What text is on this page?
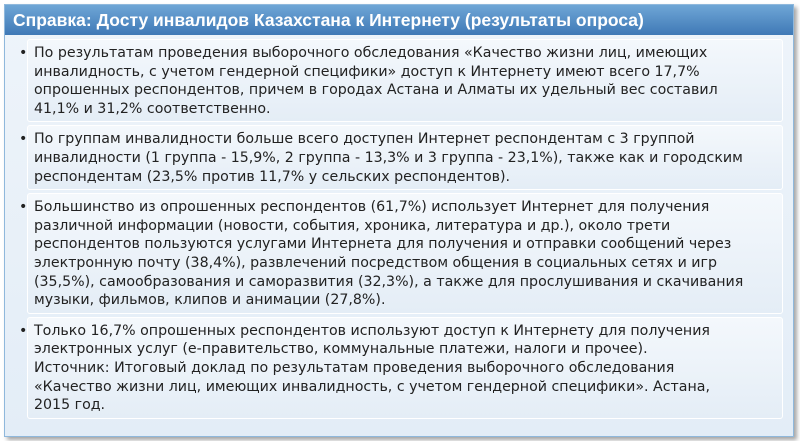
Справка: Досту инвалидов Казахстана к Интернету (результаты опроса)
• По результатам проведения выборочного обследования «Качество жизни лиц, имеющих
инвалидность, с учетом гендерной специфики» доступ к Интернету имеют всего 17,7%
опрошенных респондентов, причем в городах Астана и Алматы их удельный вес составил
41,1% и 31,2% соответственно.
• По группам инвалидности больше всего доступен Интернет респондентам с 3 группой
инвалидности (1 группа - 15,9%, 2 группа - 13,3% и 3 группа - 23,1%), также как и городским
респондентам (23,5% против 11,7% у сельских респондентов).
• Большинство из опрошенных респондентов (61,7%) использует Интернет для получения
различной информации (новости, события, хроника, литература и др.), около трети
респондентов пользуются услугами Интернета для получения и отправки сообщений через
электронную почту (38,4%), развлечений посредством общения в социальных сетях и игр
(35,5%), самообразования и саморазвития (32,3%), а также для прослушивания и скачивания
музыки, фильмов, клипов и анимации (27,8%).
• Только 16,7% опрошенных респондентов используют доступ к Интернету для получения
электронных услуг (е-правительство, коммунальные платежи, налоги и прочее).
Источник: Итоговый доклад по результатам проведения выборочного обследования
«Качество жизни лиц, имеющих инвалидность, с учетом гендерной специфики». Астана,
2015 год.
